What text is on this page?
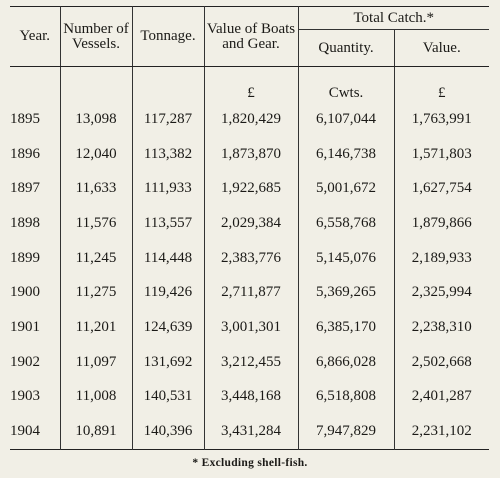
Year.	Number of Vessels.	Tonnage.	Value of Boats and Gear.	Total Catch.*	
				Quantity.	Value.
			£	Cwts.	£
1895	13,098	117,287	1,820,429	6,107,044	1,763,991
1896	12,040	113,382	1,873,870	6,146,738	1,571,803
1897	11,633	111,933	1,922,685	5,001,672	1,627,754
1898	11,576	113,557	2,029,384	6,558,768	1,879,866
1899	11,245	114,448	2,383,776	5,145,076	2,189,933
1900	11,275	119,426	2,711,877	5,369,265	2,325,994
1901	11,201	124,639	3,001,301	6,385,170	2,238,310
1902	11,097	131,692	3,212,455	6,866,028	2,502,668
1903	11,008	140,531	3,448,168	6,518,808	2,401,287
1904	10,891	140,396	3,431,284	7,947,829	2,231,102
* Excluding shell-fish.
